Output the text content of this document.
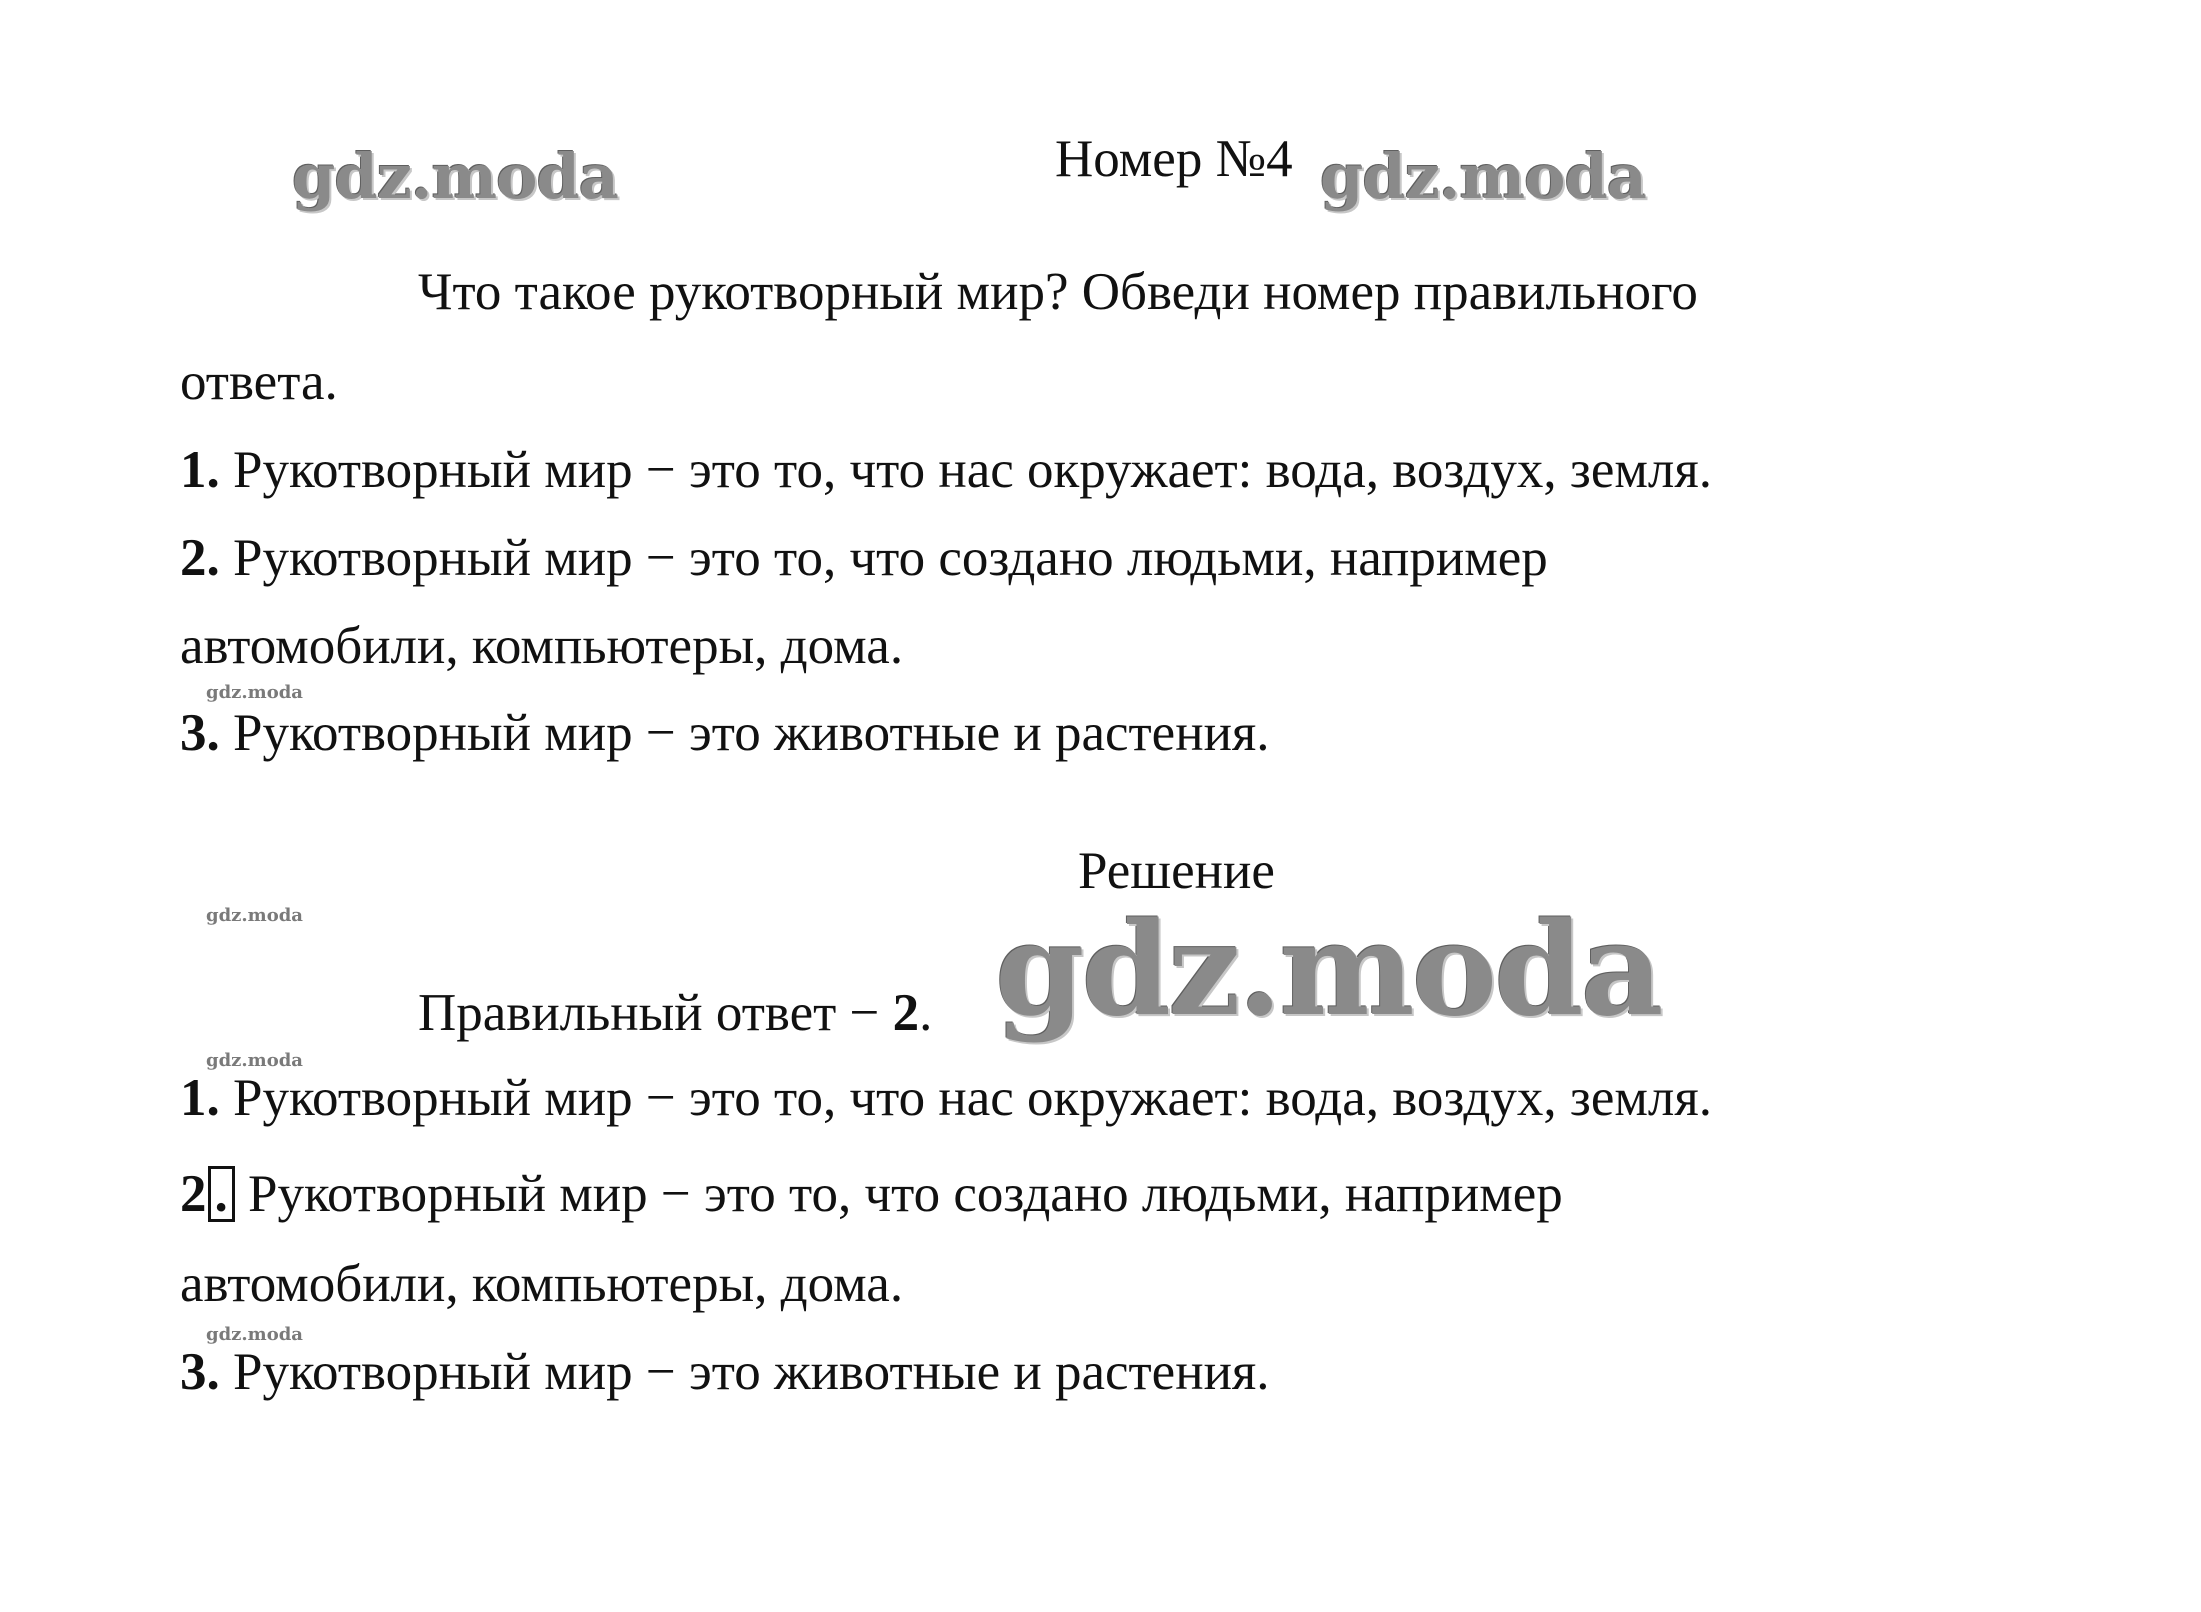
gdz.moda	gdz.moda
gdz.moda
gdz.moda
gdz.moda
gdz.moda
gdz.moda
Номер №4
Что такое рукотворный мир? Обведи номер правильного
ответа.
1. Рукотворный мир − это то, что нас окружает: вода, воздух, земля.
2. Рукотворный мир − это то, что создано людьми, например
автомобили, компьютеры, дома.
3. Рукотворный мир − это животные и растения.
Решение
Правильный ответ − 2.
1. Рукотворный мир − это то, что нас окружает: вода, воздух, земля.
2 . Рукотворный мир − это то, что создано людьми, например
автомобили, компьютеры, дома.
3. Рукотворный мир − это животные и растения.
